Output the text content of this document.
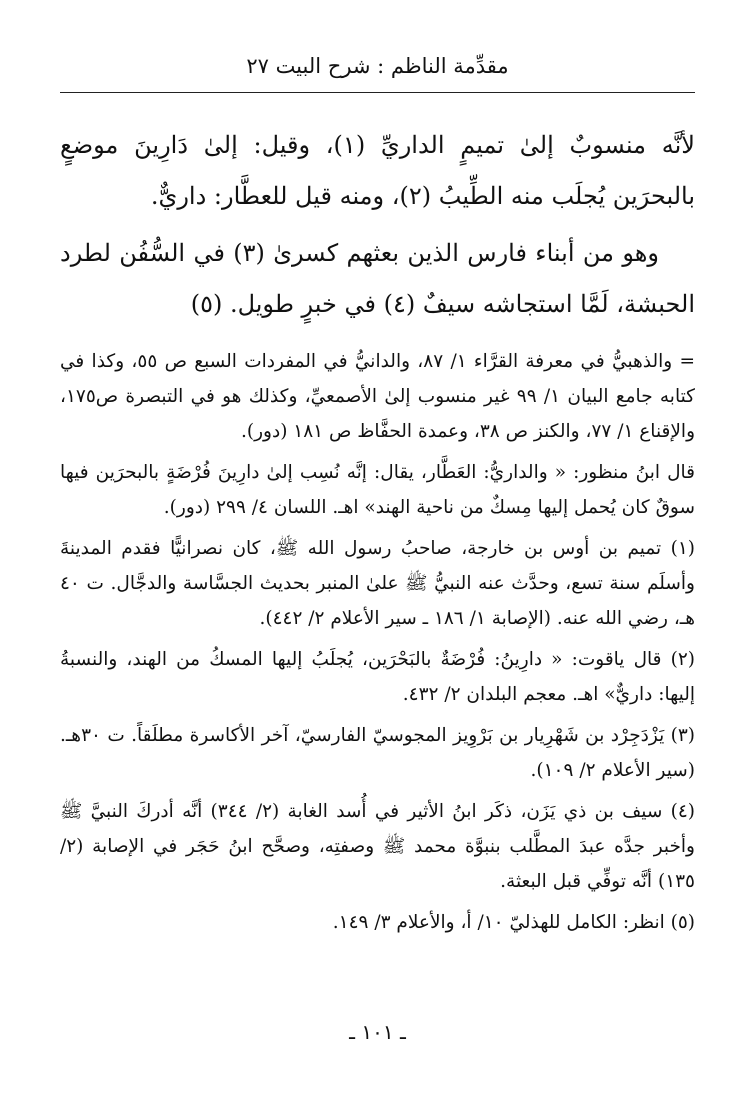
مقدِّمة الناظم : شرح البيت ٢٧

لأنَّه منسوبٌ إلىٰ تميمٍ الداريِّ (١)، وقيل: إلىٰ دَارِينَ موضعٍ بالبحرَين يُجلَب منه الطِّيبُ (٢)، ومنه قيل للعطَّار: داريٌّ.

وهو من أبناء فارس الذين بعثهم كسرىٰ (٣) في السُّفُن لطرد الحبشة، لَمَّا استجاشه سيفٌ (٤) في خبرٍ طويل. (٥)

= والذهبيُّ في معرفة القرَّاء ١/ ٨٧، والدانيُّ في المفردات السبع ص ٥٥، وكذا في كتابه جامع البيان ١/ ٩٩ غير منسوب إلىٰ الأصمعيِّ، وكذلك هو في التبصرة ص١٧٥، والإقناع ١/ ٧٧، والكنز ص ٣٨، وعمدة الحفَّاظ ص ١٨١ (دور).

قال ابنُ منظور: « والداريُّ: العَطَّار، يقال: إنَّه نُسِب إلىٰ دارِينَ فُرْضَةٍ بالبحرَين فيها سوقٌ كان يُحمل إليها مِسكٌ من ناحية الهند» اهـ. اللسان ٤/ ٢٩٩ (دور).

(١) تميم بن أوس بن خارجة، صاحبُ رسول الله ﷺ، كان نصرانيًّا فقدم المدينةَ وأسلَم سنة تسع، وحدَّث عنه النبيُّ ﷺ علىٰ المنبر بحديث الجسَّاسة والدجَّال. ت ٤٠ هـ، رضي الله عنه. (الإصابة ١/ ١٨٦ ـ سير الأعلام ٢/ ٤٤٢).

(٢) قال ياقوت: « دارِينُ: فُرْضَةٌ بالبَحْرَين، يُجلَبُ إليها المسكُ من الهند، والنسبةُ إليها: داريٌّ» اهـ. معجم البلدان ٢/ ٤٣٢.

(٣) يَزْدَجِرْد بن شَهْرِيار بن بَرْوِيز المجوسيّ الفارسيّ، آخر الأكاسرة مطلَقاً. ت ٣٠هـ. (سير الأعلام ٢/ ١٠٩).

(٤) سيف بن ذي يَزَن، ذكَر ابنُ الأثير في أُسد الغابة (٢/ ٣٤٤) أنَّه أدركَ النبيَّ ﷺ وأخبر جدَّه عبدَ المطَّلب بنبوَّة محمد ﷺ وصفتِه، وصحَّح ابنُ حَجَر في الإصابة (٢/ ١٣٥) أنَّه توفِّي قبل البعثة.

(٥) انظر: الكامل للهذليّ ١٠/ أ، والأعلام ٣/ ١٤٩.

ـ ١٠١ ـ
